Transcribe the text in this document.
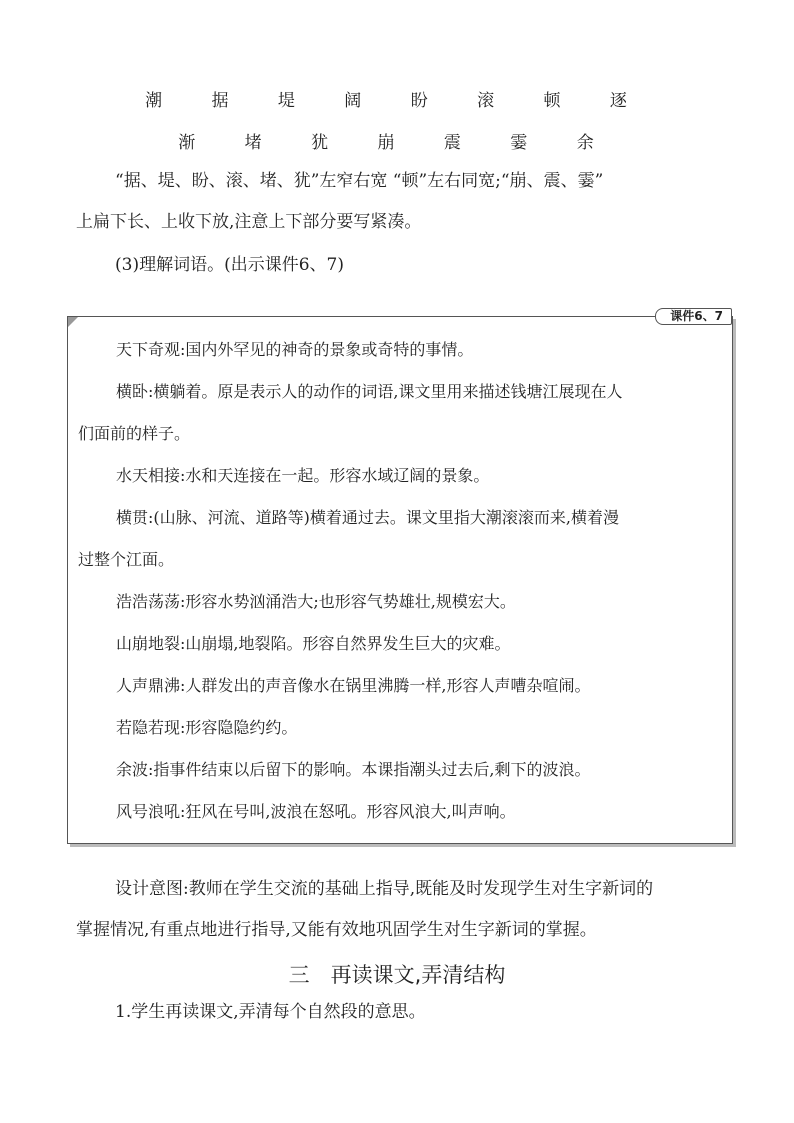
潮 据 堤 阔 盼 滚 顿 逐
渐 堵 犹 崩 震 霎 余
“据、堤、盼、滚、堵、犹”左窄右宽 “顿”左右同宽;“崩、震、霎”
上扁下长、上收下放,注意上下部分要写紧凑。
(3)理解词语。(出示课件6、7)
课件6、7
天下奇观:国内外罕见的神奇的景象或奇特的事情。
横卧:横躺着。原是表示人的动作的词语,课文里用来描述钱塘江展现在人
们面前的样子。
水天相接:水和天连接在一起。形容水域辽阔的景象。
横贯:(山脉、河流、道路等)横着通过去。课文里指大潮滚滚而来,横着漫
过整个江面。
浩浩荡荡:形容水势汹涌浩大;也形容气势雄壮,规模宏大。
山崩地裂:山崩塌,地裂陷。形容自然界发生巨大的灾难。
人声鼎沸:人群发出的声音像水在锅里沸腾一样,形容人声嘈杂喧闹。
若隐若现:形容隐隐约约。
余波:指事件结束以后留下的影响。本课指潮头过去后,剩下的波浪。
风号浪吼:狂风在号叫,波浪在怒吼。形容风浪大,叫声响。
设计意图:教师在学生交流的基础上指导,既能及时发现学生对生字新词的
掌握情况,有重点地进行指导,又能有效地巩固学生对生字新词的掌握。
三　再读课文,弄清结构
1.学生再读课文,弄清每个自然段的意思。
